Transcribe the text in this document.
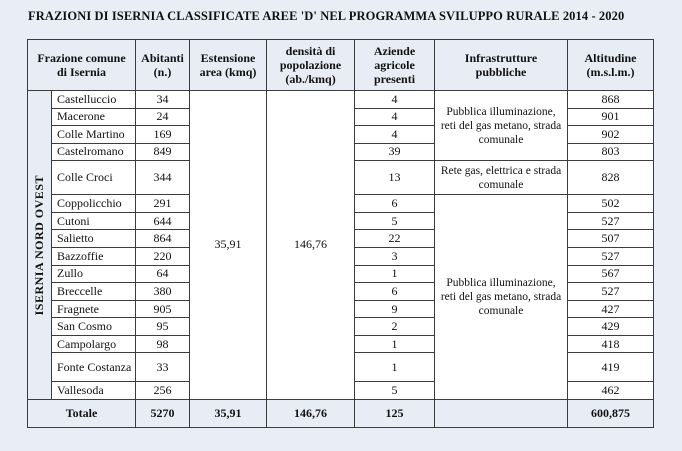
FRAZIONI DI ISERNIA CLASSIFICATE AREE 'D' NEL PROGRAMMA SVILUPPO RURALE 2014 - 2020
Frazione comune di Isernia		Abitanti (n.)	Estensione area (kmq)	densità di popolazione (ab./kmq)	Aziende agricole presenti	Infrastrutture pubbliche	Altitudine (m.s.l.m.)

ISERNIA NORD OVEST	Castelluccio	34	35,91	146,76	4	Pubblica illuminazione, reti del gas metano, strada comunale	868
	Macerone	24			4		901
	Colle Martino	169			4		902
	Castelromano	849			39		803
	Colle Croci	344			13	Rete gas, elettrica e strada comunale	828
	Coppolicchio	291			6	Pubblica illuminazione, reti del gas metano, strada comunale	502
	Cutoni	644			5		527
	Salietto	864			22		507
	Bazzoffie	220			3		527
	Zullo	64			1		567
	Breccelle	380			6		527
	Fragnete	905			9		427
	San Cosmo	95			2		429
	Campolargo	98			1		418
	Fonte Costanza	33			1		419
	Vallesoda	256			5		462
Totale		5270	35,91	146,76	125		600,875
